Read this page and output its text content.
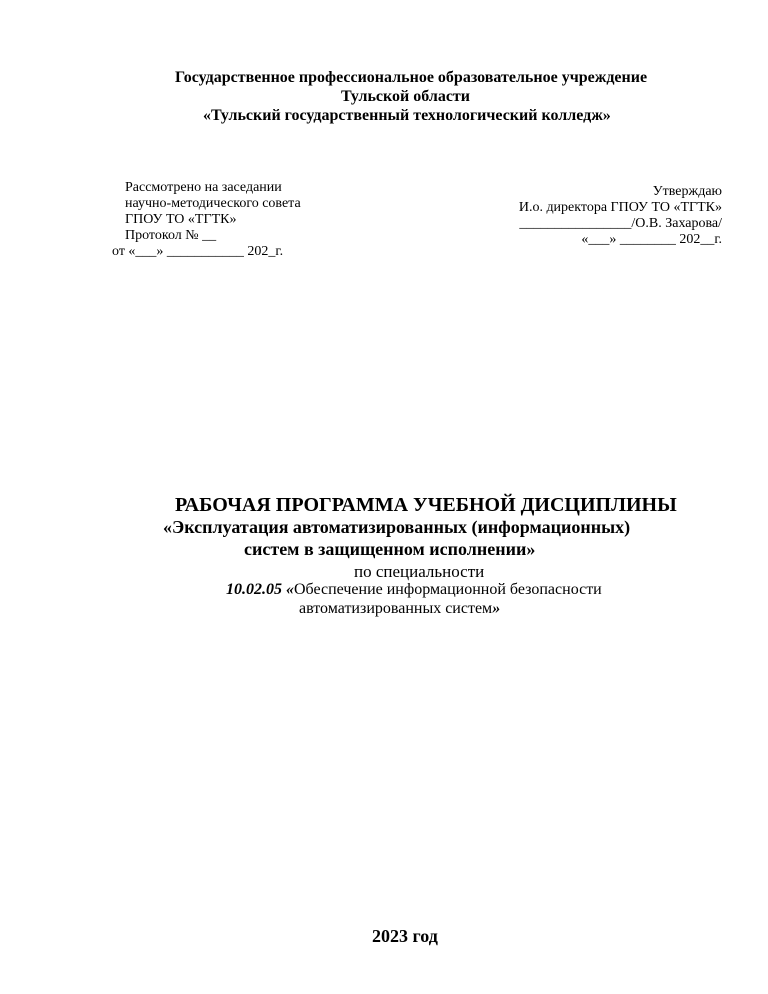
Государственное профессиональное образовательное учреждение
Тульской области
«Тульский государственный технологический колледж»
Рассмотрено на заседании
научно-методического совета
ГПОУ ТО «ТГТК»
Протокол № __
от «___» ___________ 202_г.
Утверждаю
И.о. директора ГПОУ ТО «ТГТК»
________________/О.В. Захарова/
«___» ________ 202__г.
РАБОЧАЯ ПРОГРАММА УЧЕБНОЙ ДИСЦИПЛИНЫ
«Эксплуатация автоматизированных (информационных)
систем в защищенном исполнении»
по специальности
10.02.05 «Обеспечение информационной безопасности
автоматизированных систем»
2023 год
